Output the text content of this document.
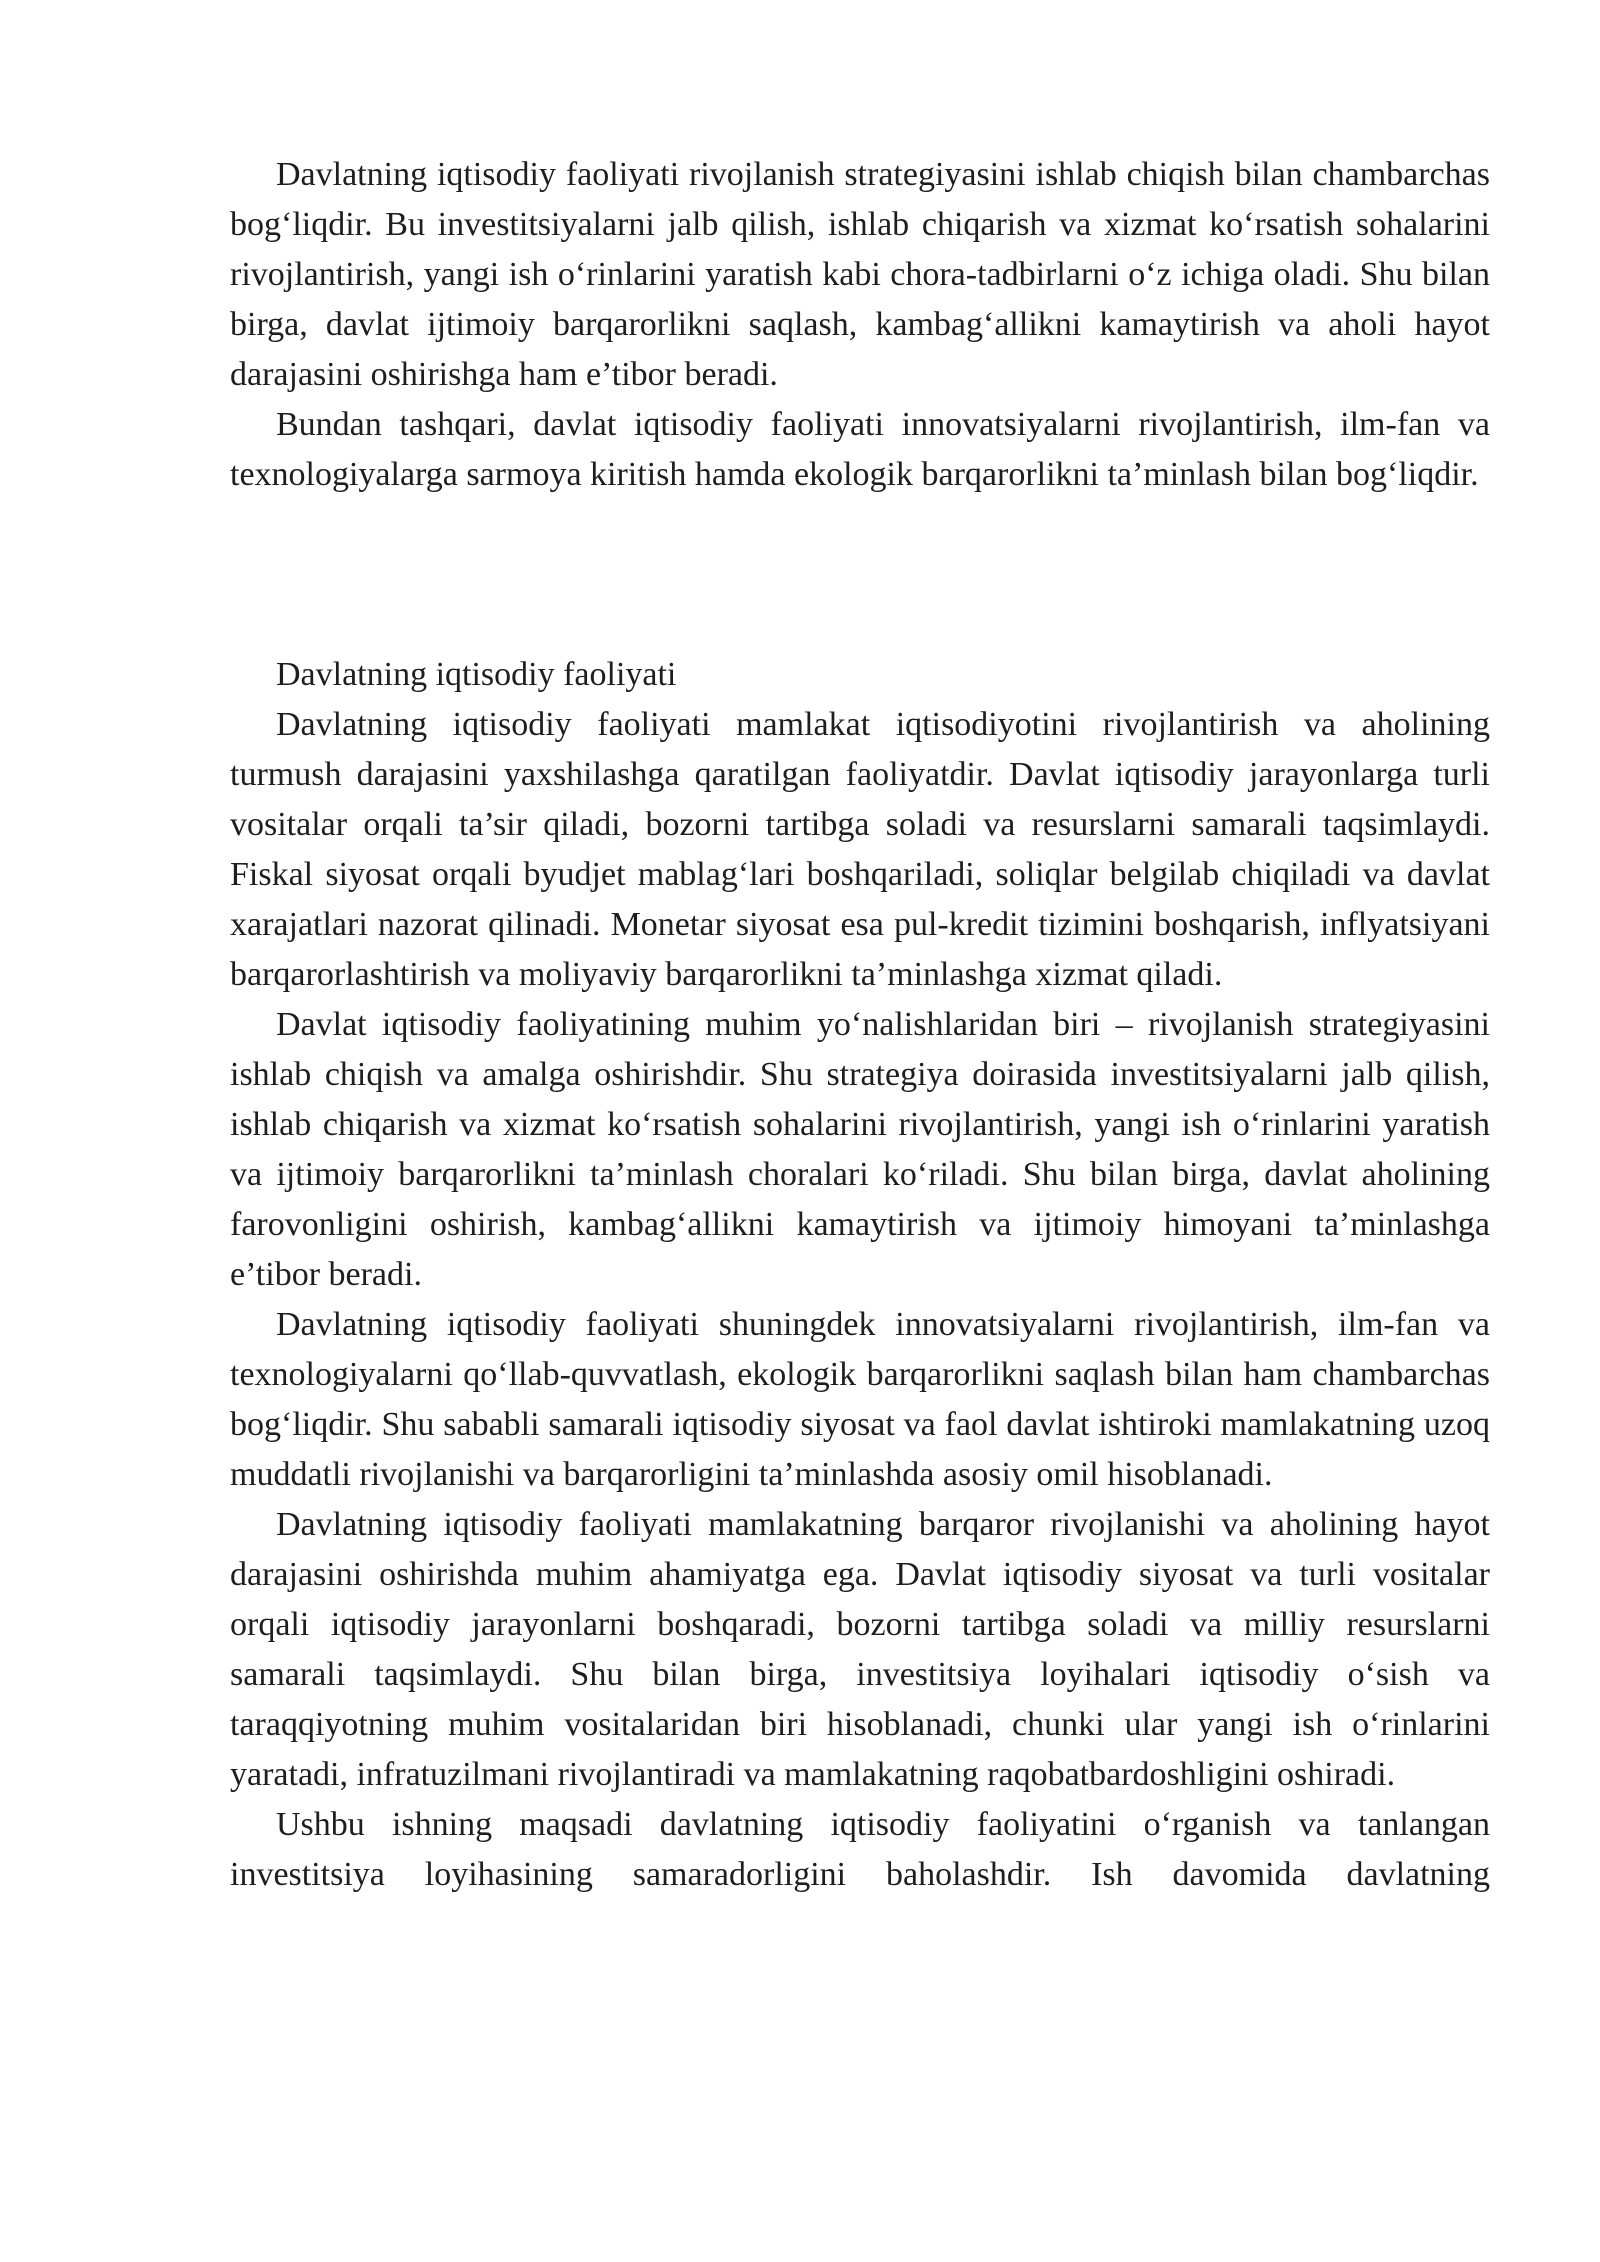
Davlatning iqtisodiy faoliyati rivojlanish strategiyasini ishlab chiqish bilan chambarchas bog‘liqdir. Bu investitsiyalarni jalb qilish, ishlab chiqarish va xizmat ko‘rsatish sohalarini rivojlantirish, yangi ish o‘rinlarini yaratish kabi chora-tadbirlarni o‘z ichiga oladi. Shu bilan birga, davlat ijtimoiy barqarorlikni saqlash, kambag‘allikni kamaytirish va aholi hayot darajasini oshirishga ham e’tibor beradi.

Bundan tashqari, davlat iqtisodiy faoliyati innovatsiyalarni rivojlantirish, ilm-fan va texnologiyalarga sarmoya kiritish hamda ekologik barqarorlikni ta’minlash bilan bog‘liqdir.

Davlatning iqtisodiy faoliyati

Davlatning iqtisodiy faoliyati mamlakat iqtisodiyotini rivojlantirish va aholining turmush darajasini yaxshilashga qaratilgan faoliyatdir. Davlat iqtisodiy jarayonlarga turli vositalar orqali ta’sir qiladi, bozorni tartibga soladi va resurslarni samarali taqsimlaydi. Fiskal siyosat orqali byudjet mablag‘lari boshqariladi, soliqlar belgilab chiqiladi va davlat xarajatlari nazorat qilinadi. Monetar siyosat esa pul-kredit tizimini boshqarish, inflyatsiyani barqarorlashtirish va moliyaviy barqarorlikni ta’minlashga xizmat qiladi.

Davlat iqtisodiy faoliyatining muhim yo‘nalishlaridan biri – rivojlanish strategiyasini ishlab chiqish va amalga oshirishdir. Shu strategiya doirasida investitsiyalarni jalb qilish, ishlab chiqarish va xizmat ko‘rsatish sohalarini rivojlantirish, yangi ish o‘rinlarini yaratish va ijtimoiy barqarorlikni ta’minlash choralari ko‘riladi. Shu bilan birga, davlat aholining farovonligini oshirish, kambag‘allikni kamaytirish va ijtimoiy himoyani ta’minlashga e’tibor beradi.

Davlatning iqtisodiy faoliyati shuningdek innovatsiyalarni rivojlantirish, ilm-fan va texnologiyalarni qo‘llab-quvvatlash, ekologik barqarorlikni saqlash bilan ham chambarchas bog‘liqdir. Shu sababli samarali iqtisodiy siyosat va faol davlat ishtiroki mamlakatning uzoq muddatli rivojlanishi va barqarorligini ta’minlashda asosiy omil hisoblanadi.

Davlatning iqtisodiy faoliyati mamlakatning barqaror rivojlanishi va aholining hayot darajasini oshirishda muhim ahamiyatga ega. Davlat iqtisodiy siyosat va turli vositalar orqali iqtisodiy jarayonlarni boshqaradi, bozorni tartibga soladi va milliy resurslarni samarali taqsimlaydi. Shu bilan birga, investitsiya loyihalari iqtisodiy o‘sish va taraqqiyotning muhim vositalaridan biri hisoblanadi, chunki ular yangi ish o‘rinlarini yaratadi, infratuzilmani rivojlantiradi va mamlakatning raqobatbardoshligini oshiradi.

Ushbu ishning maqsadi davlatning iqtisodiy faoliyatini o‘rganish va tanlangan investitsiya loyihasining samaradorligini baholashdir. Ish davomida davlatning
